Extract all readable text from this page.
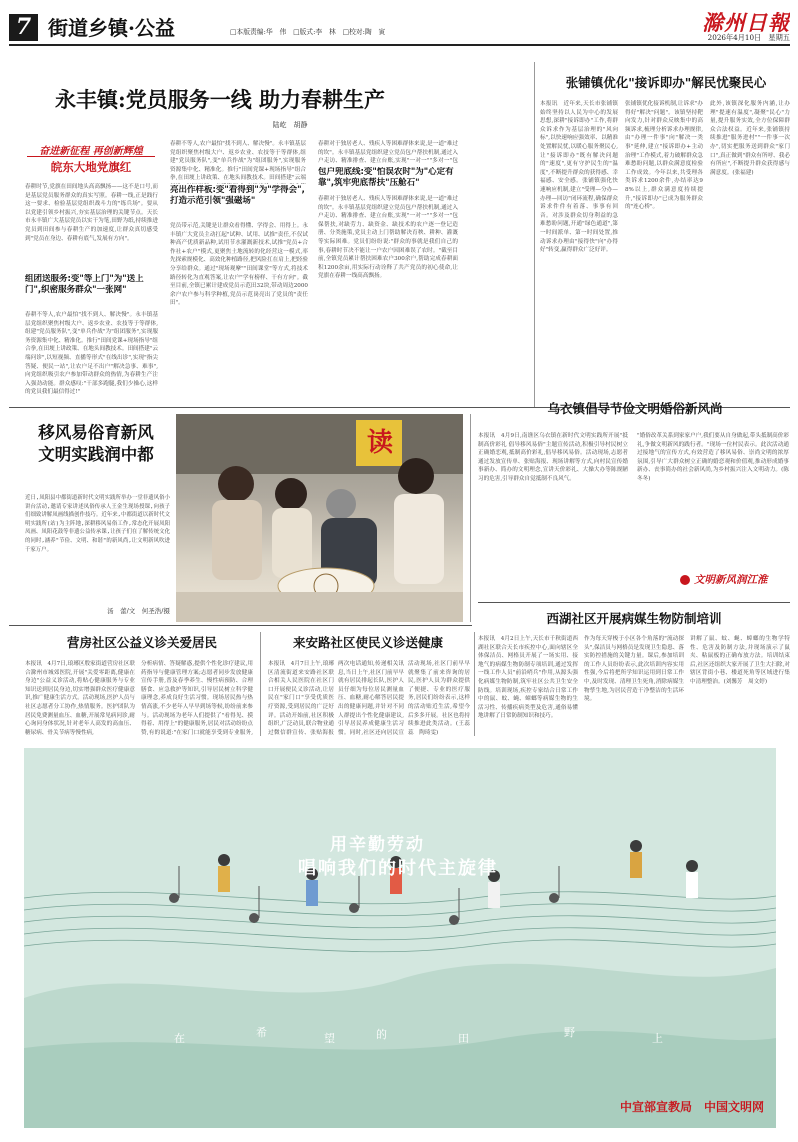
7 街道乡镇·公益	□本版责编:华　伟　□版式:李　林　□校对:陶　寅	滁州日報
2026年4月10日　星期五
永丰镇:党员服务一线 助力春耕生产
陆屹　胡静
奋进新征程 再创新辉煌
皖东大地党旗红
春耕时节,党旗在田间地头高高飘扬——这不是口号,而是基层党员服务群众的真实写照。春耕一线,正是践行这一要求、检验基层党组织战斗力的"练兵场"。要从以党建引领乡村振兴,夯实基层治理的关键节点。天长市永丰镇广大基层党员以实干为笔,田野为纸,持续推进党员到田间参与春耕生产的加速度,让群众真切感受到"党员在身边、春耕有底气,发展有方向"。
组团送服务:变"等上门"为"送上门",织密服务群众"一张网"
春耕不等人,农户最怕"找不到人、解决慢"。永丰镇基层党组织聚焦村级大户、返乡农业、农技等于等群体,组建"党员服务队",变"单兵作战"为"组团服务",实现服务资源集中化、精准化。推行"田间党课+现场指导"组合拳,在田埂上讲政策、在地头间教技术。田间搭建"云端问诊",以短视频、直播等形式"在线出诊",实现"指尖答疑、便民一站",让农户足不出户"解决急事、难事",向党组织吸引农户参加带动群众的热情,为春耕生产注入强劲动能。群众感叹:"干部多跑腿,我们少操心,这样的党员我们最信得过!"
春耕不等人,农户最怕"找不到人、解决慢"。永丰镇基层党组织聚焦村级大户、返乡农业、农技等于等群体,组建"党员服务队",变"单兵作战"为"组团服务",实现服务资源集中化、精准化。推行"田间党课+现场指导"组合拳,在田埂上讲政策、在地头间教技术。田间搭建"云端
亮出作样板:变"看得到"为"学得会",打造示范引领"强磁场"
党员带示范,关键是让群众看得懂、学得会、用得上。永丰镇广大党员主动扛起"试种、试用、试推"责任,不仅试种高产优质新品种,试用节水灌溉新技术,试推"党员+合作社+农户"模式,更聚焦土地流转的化经营这一模式,率先探索规模化、高效化种植路径,把风险扛在肩上,把经验分享给群众。通过"现场观摩""田间课堂"等方式,将技术路径转化为直观答案,让农户"学有榜样、干有方向"。截至目前,全镇已累计建成党员示范田32块,带动周边2000余户农户参与科学种植,党员示范岗亮出了党员的"责任田"。
春耕对于独居老人、残疾人等困难群体来说,是一道"难过的坎"。永丰镇基层党组织建立党员包户帮扶机制,通过入户走访、精准排查、建立台账,实现"一对一""多对一"包
包户兜底线:变"怕误农时"为"心定有靠",筑牢兜底帮扶"压舱石"
春耕对于独居老人、残疾人等困难群体来说,是一道"难过的坎"。永丰镇基层党组织建立党员包户帮扶机制,通过入户走访、精准排查、建立台账,实现"一对一""多对一"包保帮扶,对缺劳力、缺资金、缺技术的农户逐一登记造册、分类施策,党员主动上门帮助解决育秧、耕种、灌溉等实际困难。党员们纷纷说:"群众的事就是我们自己的事,春耕时节决不能让一户农户因困难误了农时。"截至目前,全镇党员累计帮扶困难农户300余户,帮助完成春耕面积1200余亩,用实际行动诠释了共产党员的初心使命,让党旗在春耕一线高高飘扬。
张铺镇优化"接诉即办"解民忧聚民心
本报讯　近年来,天长市张铺镇始终坚持以人民为中心的发展思想,深耕"接诉即办"工作,将群众诉求作为基层治理的"风向标",以快速响应强效率、以精准处置解民忧,以暖心服务聚民心,让"接诉即办"既有解决问题的"速度",更有守护民生的"温度",不断提升群众的获得感、幸福感、安全感。张铺镇强化快速响应机制,建立"受理—分办—办理—回访"闭环流程,确保群众诉求件件有着落、事事有回音。对涉及群众切身利益的急难愁盼问题,开通"绿色通道",第一时间派单、第一时间处置,推动诉求办理由"接得快"向"办得好"转变,赢得群众广泛好评。
张铺镇优化接诉机制,让诉求"办得好"解决"问题"。该镇坚持靶向发力,针对群众反映集中的高频诉求,梳理分析诉求办理规律,由"办理一件事"向"解决一类事"延伸,建立"接诉即办+主动治理"工作模式,着力破解群众急难愁盼问题,以群众满意度检验工作成效。今年以来,共受理各类诉求1200余件,办结率达98%以上,群众满意度持续提升,"接诉即办"已成为服务群众的"连心桥"。
此外,该镇深化服务内涵,让办理"提速有温度",凝聚"民心"力量,提升服务实效,全方位保障群众合法权益。近年来,张铺镇持续推进"服务进村""一件事一次办",切实把服务送到群众"家门口",真正做到"群众有所呼、我必有所应",不断提升群众获得感与满意度。(张福建)
移风易俗育新风
文明实践润中都
近日,凤阳县中都街道新时代文明实践所举办一堂非遗风俗小讲台活动,邀请专家讲述凤俗传承人王金生现场授课,向孩子们细致讲解凤画线描创作技巧。近年来,中都街道以新时代文明实践所(站)为主阵地,深耕移风易俗工作,常态化开展凤阳凤画、凤阳花鼓等非遗公益传承课,让孩子们在了解传统文化的同时,涵养"节俭、文明、和谐"的新风尚,让文明新风吹进千家万户。
汤　蕾/文　何圣浩/摄
读
乌衣镇倡导节俭文明婚俗新风尚
本报讯　4月9日,南谯区乌衣镇在新时代文明实践所开展"抵制高价彩礼 倡导移风易俗"主题宣传活动,积极引导村民树立正确婚恋观,抵制高价彩礼,倡导移风易俗。活动现场,志愿者通过发放宣传单、张贴海报、现场讲解等方式,向村民宣传婚事新办、简办的文明理念,宣讲天价彩礼、大操大办等陈规陋习的危害,引导群众自觉抵制不良风气。
"婚俗改革关系到家家户户,我们要从自身做起,带头抵制高价彩礼,争做文明新风的践行者。"现场一位村民表示。此次活动通过接地气的宣传方式,有效营造了移风易俗、崇尚文明的浓厚氛围,引导广大群众树立正确的婚恋观和价值观,推动形成婚事新办、丧事简办的社会新风尚,为乡村振兴注入文明动力。(陈冬冬)
文明新风润江淮
西湖社区开展病媒生物防制培训
本报讯　4月2日上午,天长市千秋街道西湖社区联合天长市疾控中心,面向辖区全体保洁员、网格员开展了一场实用、接地气的病媒生物防制专项培训,通过发挥一线工作人员"前沿哨兵"作用,从源头强化病媒生物防制,筑牢社区公共卫生安全防线。培训现场,疾控专家结合日常工作中的鼠、蚊、蝇、蟑螂等病媒生物的生活习性、传播疾病类型及危害,通俗易懂地讲解了日常防制知识和技巧。
作为每天穿梭于小区各个角落的"流动探头",保洁员与网格员是发现卫生隐患、落实防控措施的关键力量。课后,参加培训的工作人员纷纷表示,此次培训内容实用性强,今后将把所学知识运用到日常工作中,及时发现、清理卫生死角,消除病媒生物孳生地,为居民营造干净整洁的生活环境。
讲解了鼠、蚊、蝇、蟑螂的生物学特性、危害及防制方法,并现场演示了鼠夹、粘鼠板的正确布放方法。培训结束后,社区还组织大家开展了卫生大扫除,对辖区背街小巷、楼道死角等区域进行集中清理整治。(刘馨芳　周文婷)
营房社区公益义诊关爱居民
本报讯　4月7日,琅琊区殷家街道营房社区联合滁州市城郊医院,开展"关爱零距离,健康在身边"公益义诊活动,将贴心健康服务与专业知识送到居民身边,切实增强群众医疗健康意识,推广健康生活方式。活动现场,医护人员与社区志愿者分工协作,热情服务。医护团队为居民免费测量血压、血糖,开展常见病问诊,耐心询问身体状况,针对老年人高发的高血压、糖尿病、骨关节病等慢性病,
分析病情、答疑解惑,提供个性化诊疗建议,用药指导与健康管理方案;志愿者同步发放健康宣传手册,普及春季养生、慢性病预防、合理膳食、应急救护等知识,引导居民树立科学健康理念,养成良好生活习惯。现场居民热与热情高涨,不少老年人早早到场等候,纷纷前来参与。活动现场为老年人们提供了"看得见、摸得着、用得上"的健康服务,居民对活动纷纷点赞,有的说道:"在家门口就能享受到专业服务,
来安路社区使民义诊送健康
本报讯　4月7日上午,琅琊区清流街道来安路社区联合相关人民医院在社区门口开展便民义诊活动,让居民在"家门口"享受优质医疗资源,受到居民的广泛好评。活动开始前,社区积极组织,广泛动员,联合物业通过微信群宣传、张贴海报
两次电话通知,传递相关讯息,当日上午,社区门前早早就有居民排起长队,医护人员仔细为每位居民测量血压、血糖,耐心解答居民提出的健康问题,并针对不同人群提出个性化健康建议,引导居民养成健康生活习惯。同时,社区还向居民宣
活动现场,社区门前早早就聚集了前来咨询的居民,医护人员为群众提供了便捷、专业的医疗服务,居民们纷纷表示,这样的活动贴近生活,希望今后多多开展。社区也将持续推进此类活动。(王蕊蕊　陶琦雯)
用辛勤劳动
唱响我们的时代主旋律
在	希	望	的	田	野	上
中宣部宣教局　中国文明网
